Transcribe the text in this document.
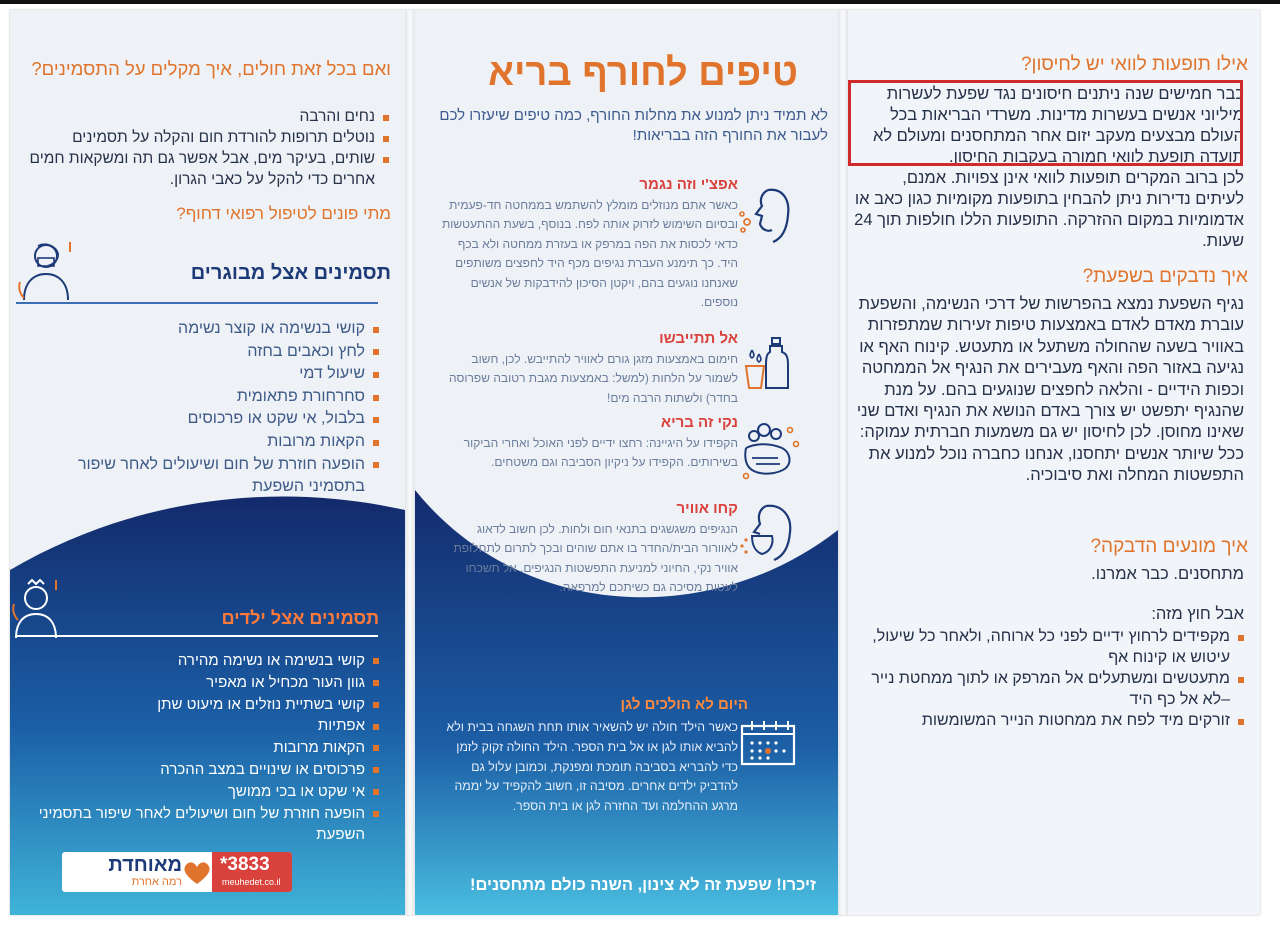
אילו תופעות לוואי יש לחיסון?
כבר חמישים שנה ניתנים חיסונים נגד שפעת לעשרות מיליוני אנשים בעשרות מדינות. משרדי הבריאות בכל העולם מבצעים מעקב יזום אחר המתחסנים ומעולם לא תועדה תופעת לוואי חמורה בעקבות החיסון.
לכן ברוב המקרים תופעות לוואי אינן צפויות. אמנם, לעיתים נדירות ניתן להבחין בתופעות מקומיות כגון כאב או אדמומיות במקום ההזרקה. התופעות הללו חולפות תוך 24 שעות.
איך נדבקים בשפעת?
נגיף השפעת נמצא בהפרשות של דרכי הנשימה, והשפעת עוברת מאדם לאדם באמצעות טיפות זעירות שמתפזרות באוויר בשעה שהחולה משתעל או מתעטש. קינוח האף או נגיעה באזור הפה והאף מעבירים את הנגיף אל הממחטה וכפות הידיים - והלאה לחפצים שנוגעים בהם. על מנת שהנגיף יתפשט יש צורך באדם הנושא את הנגיף ואדם שני שאינו מחוסן. לכן לחיסון יש גם משמעות חברתית עמוקה: ככל שיותר אנשים יתחסנו, אנחנו כחברה נוכל למנוע את התפשטות המחלה ואת סיבוכיה.
איך מונעים הדבקה?
מתחסנים. כבר אמרנו.
אבל חוץ מזה:
מקפידים לרחוץ ידיים לפני כל ארוחה, ולאחר כל שיעול, עיטוש או קינוח אף
מתעטשים ומשתעלים אל המרפק או לתוך ממחטת נייר –לא אל כף היד
זורקים מיד לפח את ממחטות הנייר המשומשות
טיפים לחורף בריא
לא תמיד ניתן למנוע את מחלות החורף, כמה טיפים שיעזרו לכם לעבור את החורף הזה בבריאות!
אפצ'י וזה נגמר
כאשר אתם מנוזלים מומלץ להשתמש בממחטה חד-פעמית ובסיום השימוש לזרוק אותה לפח. בנוסף, בשעת ההתעטשות כדאי לכסות את הפה במרפק או בעזרת ממחטה ולא בכף היד. כך תימנע העברת נגיפים מכף היד לחפצים משותפים שאנחנו נוגעים בהם, ויקטן הסיכון להידבקות של אנשים נוספים.
אל תתייבשו
חימום באמצעות מזגן גורם לאוויר להתייבש. לכן, חשוב לשמור על הלחות (למשל: באמצעות מגבת רטובה שפרוסה בחדר) ולשתות הרבה מים!
נקי זה בריא
הקפידו על היגיינה: רחצו ידיים לפני האוכל ואחרי הביקור בשירותים. הקפידו על ניקיון הסביבה וגם משטחים.
קחו אוויר
הנגיפים משגשגים בתנאי חום ולחות. לכן חשוב לדאוג לאוורור הבית/החדר בו אתם שוהים ובכך לתרום לתחלופת אוויר נקי, החיוני למניעת התפשטות הנגיפים. אל תשכחו לעטות מסיכה גם כשיתכם למרפאה.
היום לא הולכים לגן
כאשר הילד חולה יש להשאיר אותו תחת השגחה בבית ולא להביא אותו לגן או אל בית הספר. הילד החולה זקוק לזמן כדי להבריא בסביבה תומכת ומפנקת, וכמובן עלול גם להדביק ילדים אחרים. מסיבה זו, חשוב להקפיד על יממה מרגע ההחלמה ועד החזרה לגן או בית הספר.
זיכרו! שפעת זה לא צינון, השנה כולם מתחסנים!
ואם בכל זאת חולים, איך מקלים על התסמינים?
נחים והרבה
נוטלים תרופות להורדת חום והקלה על תסמינים
שותים, בעיקר מים, אבל אפשר גם תה ומשקאות חמים אחרים כדי להקל על כאבי הגרון.
מתי פונים לטיפול רפואי דחוף?
תסמינים אצל מבוגרים
קושי בנשימה או קוצר נשימה
לחץ וכאבים בחזה
שיעול דמי
סחרחורת פתאומית
בלבול, אי שקט או פרכוסים
הקאות מרובות
הופעה חוזרת של חום ושיעולים לאחר שיפור בתסמיני השפעת
תסמינים אצל ילדים
קושי בנשימה או נשימה מהירה
גוון העור מכחיל או מאפיר
קושי בשתיית נוזלים או מיעוט שתן
אפתיות
הקאות מרובות
פרכוסים או שינויים במצב ההכרה
אי שקט או בכי ממושך
הופעה חוזרת של חום ושיעולים לאחר שיפור בתסמיני השפעת
מאוחדת
רמה אחרת
*3833
meuhedet.co.il
